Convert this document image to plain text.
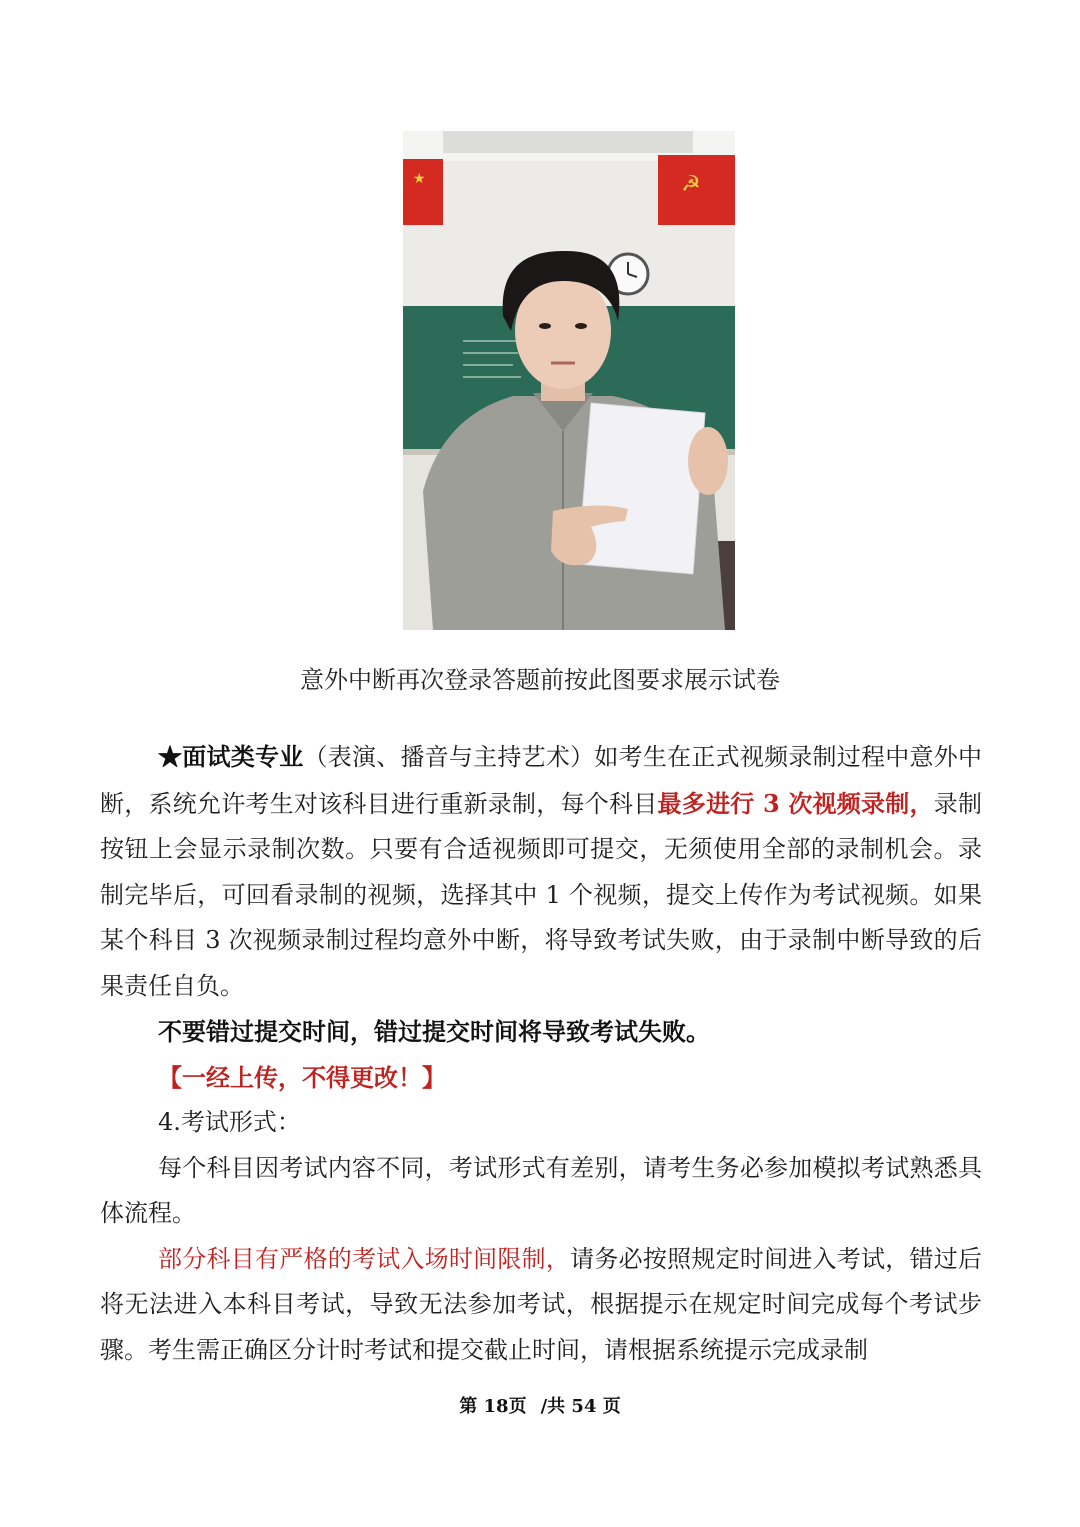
★	☭
意外中断再次登录答题前按此图要求展示试卷

★面试类专业（表演、播音与主持艺术）如考生在正式视频录制过程中意外中断，系统允许考生对该科目进行重新录制，每个科目最多进行 3 次视频录制，录制按钮上会显示录制次数。只要有合适视频即可提交，无须使用全部的录制机会。录制完毕后，可回看录制的视频，选择其中 1 个视频，提交上传作为考试视频。如果某个科目 3 次视频录制过程均意外中断，将导致考试失败，由于录制中断导致的后果责任自负。

不要错过提交时间，错过提交时间将导致考试失败。

【一经上传，不得更改！】

4.考试形式：

每个科目因考试内容不同，考试形式有差别，请考生务必参加模拟考试熟悉具体流程。

部分科目有严格的考试入场时间限制，请务必按照规定时间进入考试，错过后将无法进入本科目考试，导致无法参加考试，根据提示在规定时间完成每个考试步骤。考生需正确区分计时考试和提交截止时间，请根据系统提示完成录制

第 18页 /共 54 页
